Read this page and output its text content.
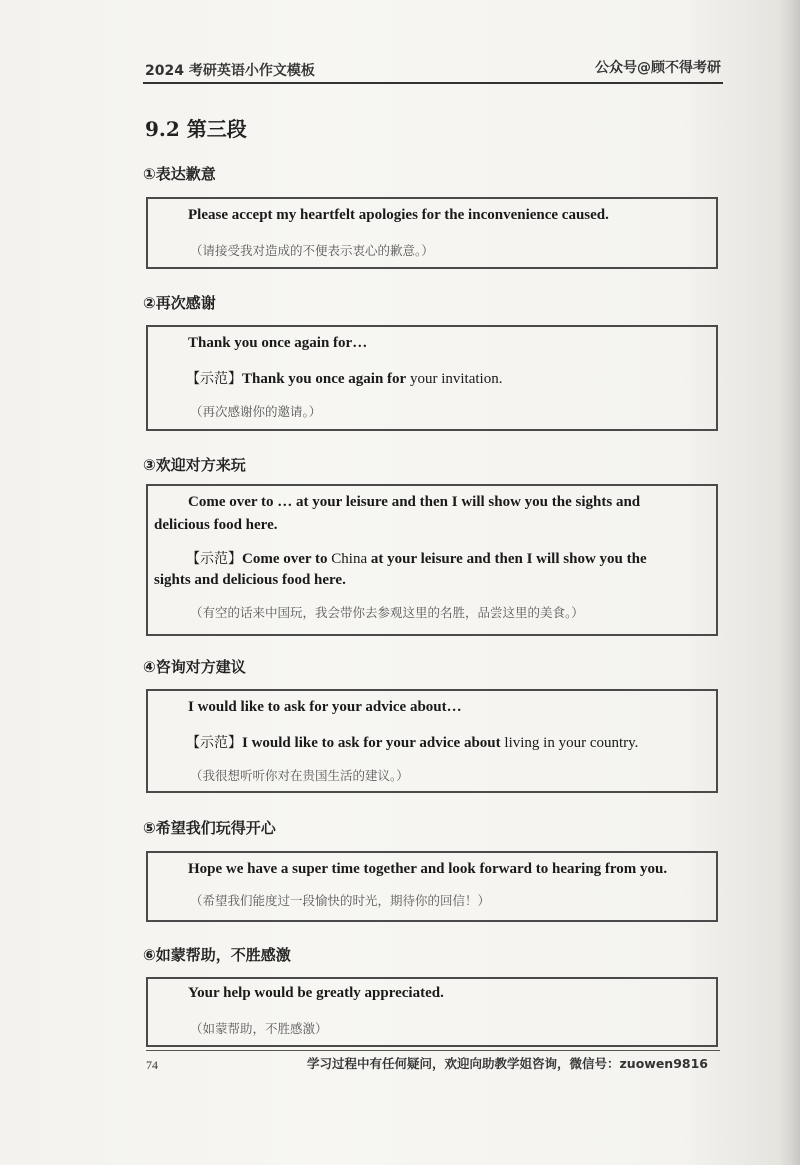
2024 考研英语小作文模板	公众号@顾不得考研
9.2 第三段
①表达歉意
Please accept my heartfelt apologies for the inconvenience caused.
（请接受我对造成的不便表示衷心的歉意。）
②再次感谢
Thank you once again for…
【示范】Thank you once again for your invitation.
（再次感谢你的邀请。）
③欢迎对方来玩
Come over to … at your leisure and then I will show you the sights and
delicious food here.
【示范】Come over to China at your leisure and then I will show you the
sights and delicious food here.
（有空的话来中国玩，我会带你去参观这里的名胜，品尝这里的美食。）
④咨询对方建议
I would like to ask for your advice about…
【示范】I would like to ask for your advice about living in your country.
（我很想听听你对在贵国生活的建议。）
⑤希望我们玩得开心
Hope we have a super time together and look forward to hearing from you.
（希望我们能度过一段愉快的时光，期待你的回信！）
⑥如蒙帮助，不胜感激
Your help would be greatly appreciated.
（如蒙帮助，不胜感激）
74	学习过程中有任何疑问，欢迎向助教学姐咨询，微信号：zuowen9816
